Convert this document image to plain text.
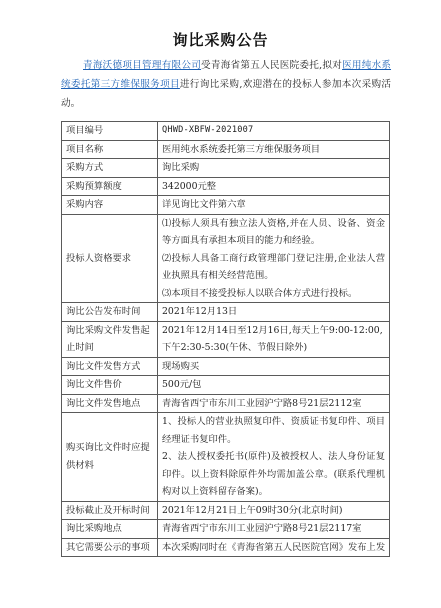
询比采购公告
青海沃德项目管理有限公司受青海省第五人民医院委托,拟对医用纯水系统委托第三方维保服务项目进行询比采购,欢迎潜在的投标人参加本次采购活动。
项目编号	QHWD-XBFW-2021007
项目名称	医用纯水系统委托第三方维保服务项目
采购方式	询比采购
采购预算额度	342000元整
采购内容	详见询比文件第六章
投标人资格要求	⑴投标人须具有独立法人资格,并在人员、设备、资金等方面具有承担本项目的能力和经验。
⑵投标人具备工商行政管理部门登记注册,企业法人营业执照具有相关经营范围。
⑶本项目不接受投标人以联合体方式进行投标。

询比公告发布时间	2021年12月13日
询比采购文件发售起止时间	2021年12月14日至12月16日,每天上午9:00-12:00,下午2:30-5:30(午休、节假日除外)
询比文件发售方式	现场购买
询比文件售价	500元/包
询比文件发售地点	青海省西宁市东川工业园沪宁路8号21层2112室
购买询比文件时应提供材料	1、投标人的营业执照复印件、资质证书复印件、项目经理证书复印件。
2、法人授权委托书(原件)及被授权人、法人身份证复印件。以上资料除原件外均需加盖公章。(联系代理机构对以上资料留存备案)。

投标截止及开标时间	2021年12月21日上午09时30分(北京时间)
询比采购地点	青海省西宁市东川工业园沪宁路8号21层2117室
其它需要公示的事项	本次采购同时在《青海省第五人民医院官网》发布上发
